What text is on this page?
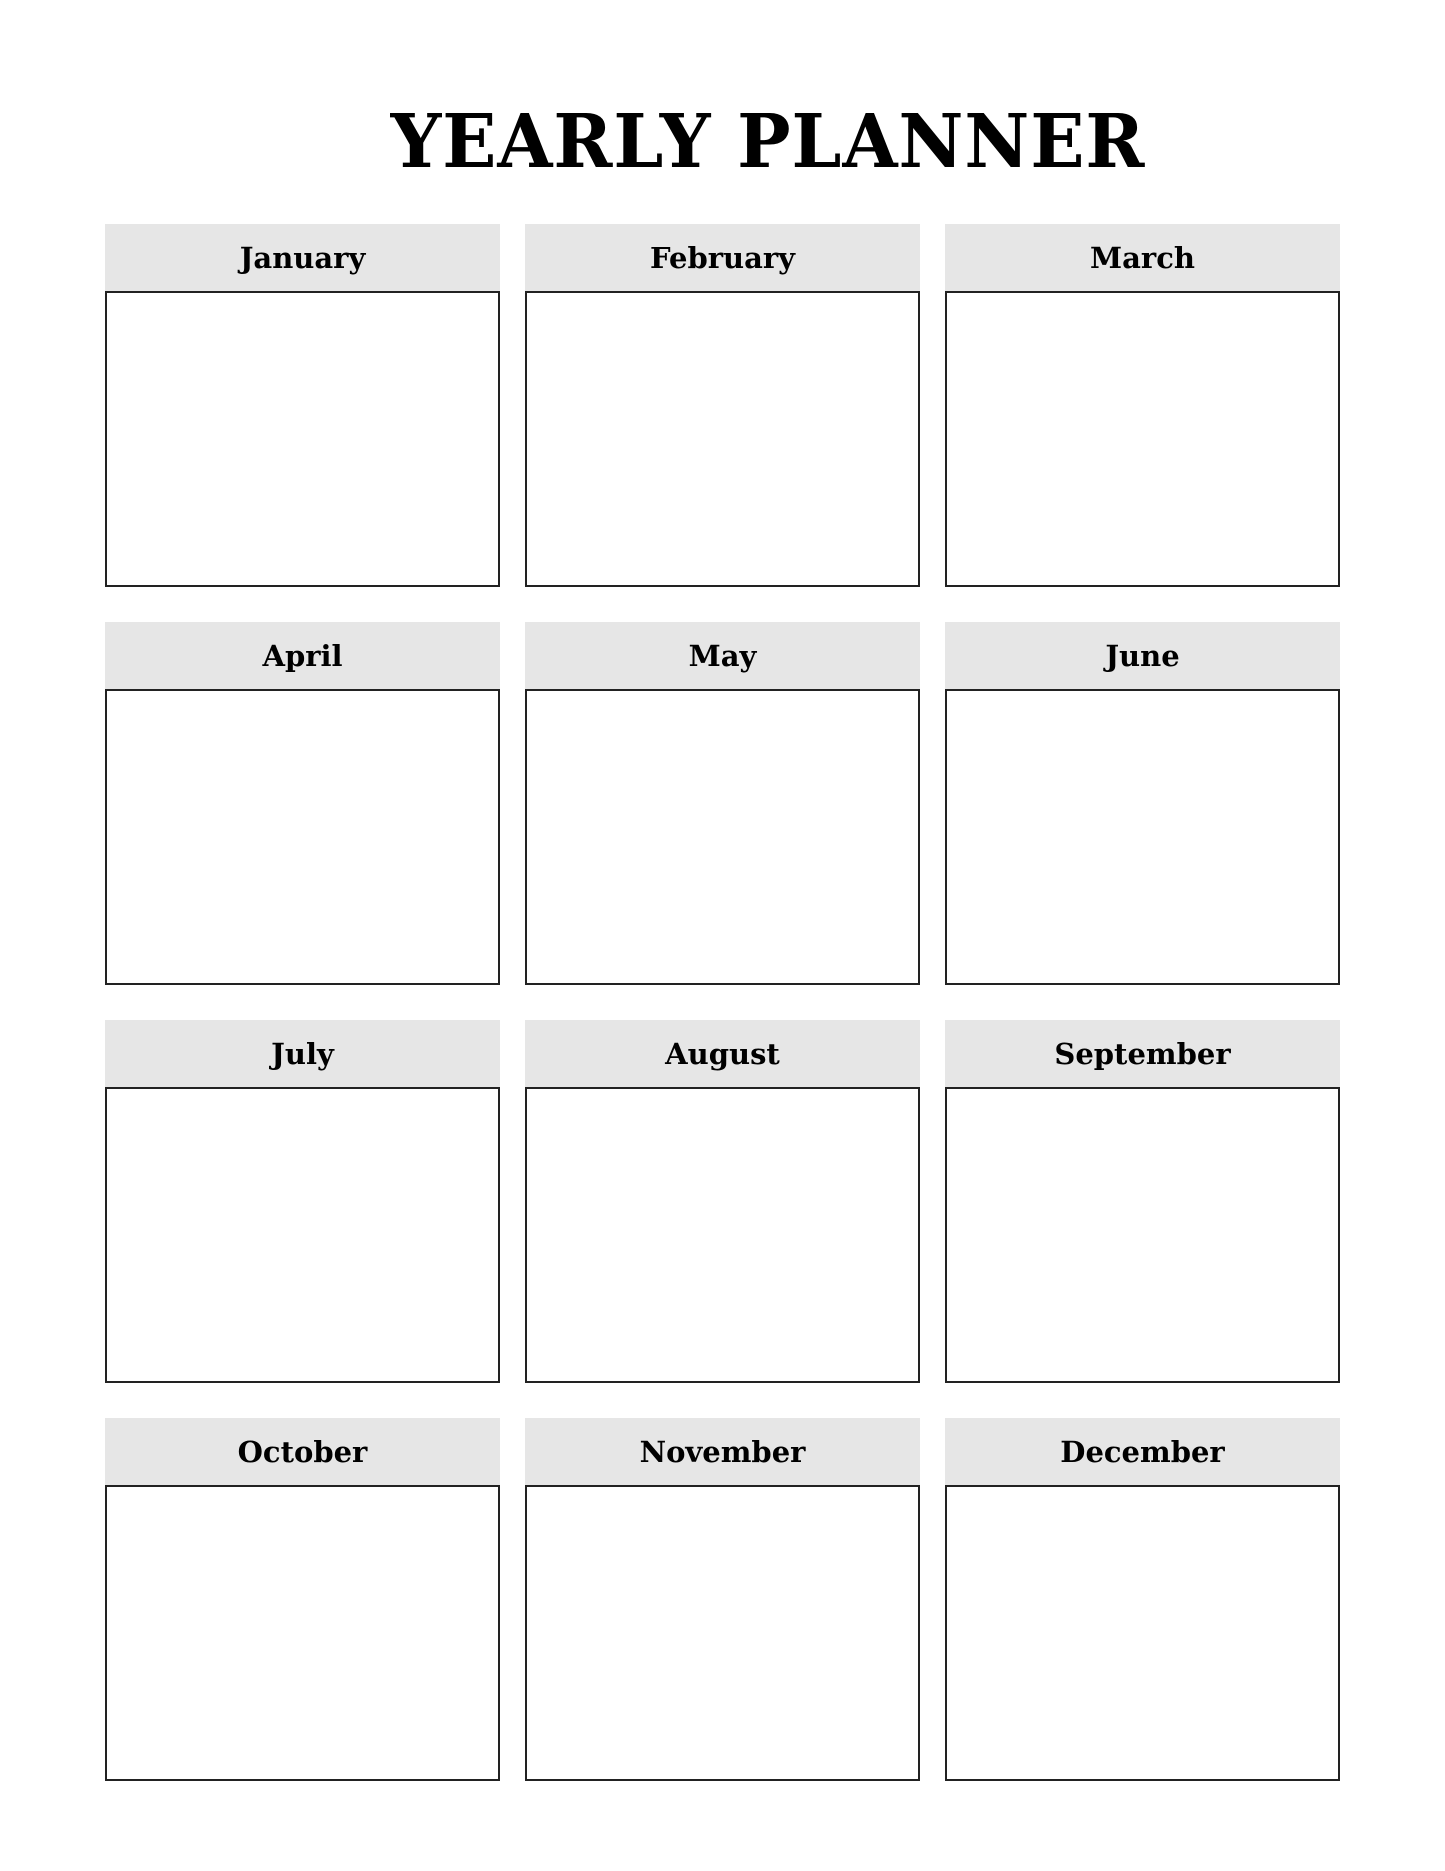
YEARLY PLANNER
January	February	March
April	May	June
July	August	September
October	November	December
